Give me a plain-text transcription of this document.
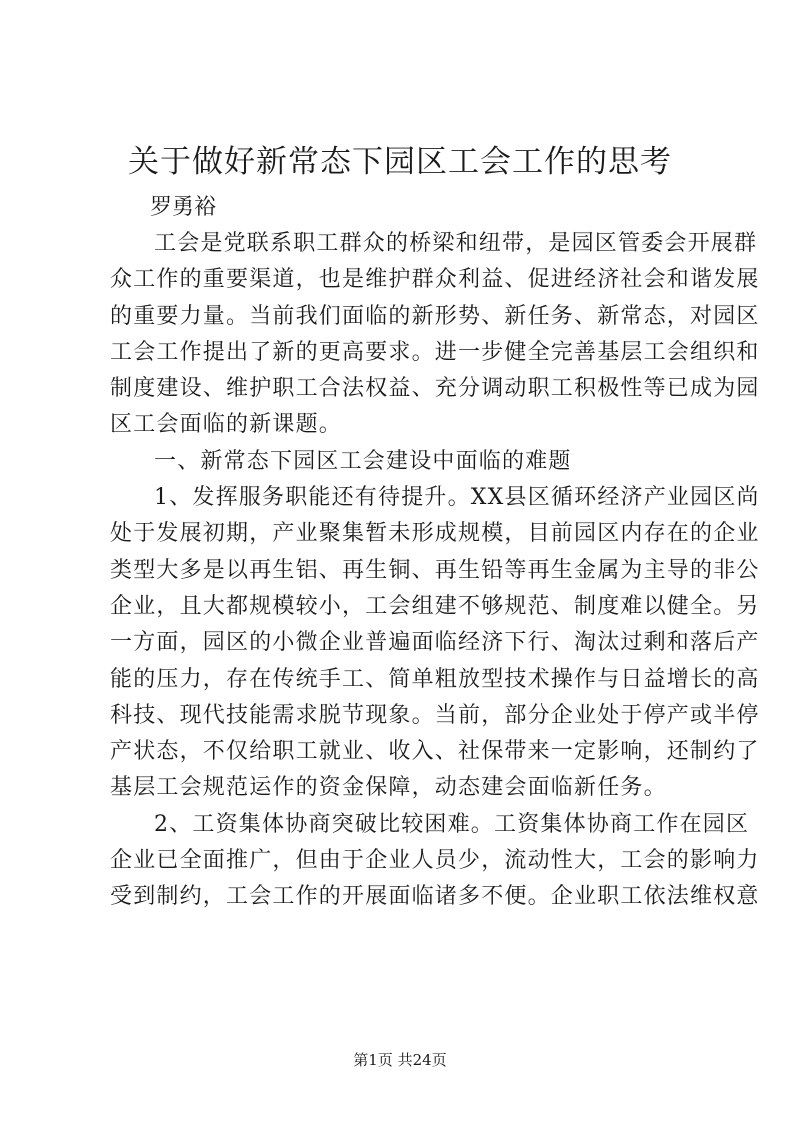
关于做好新常态下园区工会工作的思考
罗勇裕

工会是党联系职工群众的桥梁和纽带，是园区管委会开展群
众工作的重要渠道，也是维护群众利益、促进经济社会和谐发展
的重要力量。当前我们面临的新形势、新任务、新常态，对园区
工会工作提出了新的更高要求。进一步健全完善基层工会组织和
制度建设、维护职工合法权益、充分调动职工积极性等已成为园
区工会面临的新课题。

一、新常态下园区工会建设中面临的难题

1、发挥服务职能还有待提升。XX县区循环经济产业园区尚
处于发展初期，产业聚集暂未形成规模，目前园区内存在的企业
类型大多是以再生铝、再生铜、再生铅等再生金属为主导的非公
企业，且大都规模较小，工会组建不够规范、制度难以健全。另
一方面，园区的小微企业普遍面临经济下行、淘汰过剩和落后产
能的压力，存在传统手工、简单粗放型技术操作与日益增长的高
科技、现代技能需求脱节现象。当前，部分企业处于停产或半停
产状态，不仅给职工就业、收入、社保带来一定影响，还制约了
基层工会规范运作的资金保障，动态建会面临新任务。

2、工资集体协商突破比较困难。工资集体协商工作在园区
企业已全面推广，但由于企业人员少，流动性大，工会的影响力
受到制约，工会工作的开展面临诸多不便。企业职工依法维权意

第1页 共24页
